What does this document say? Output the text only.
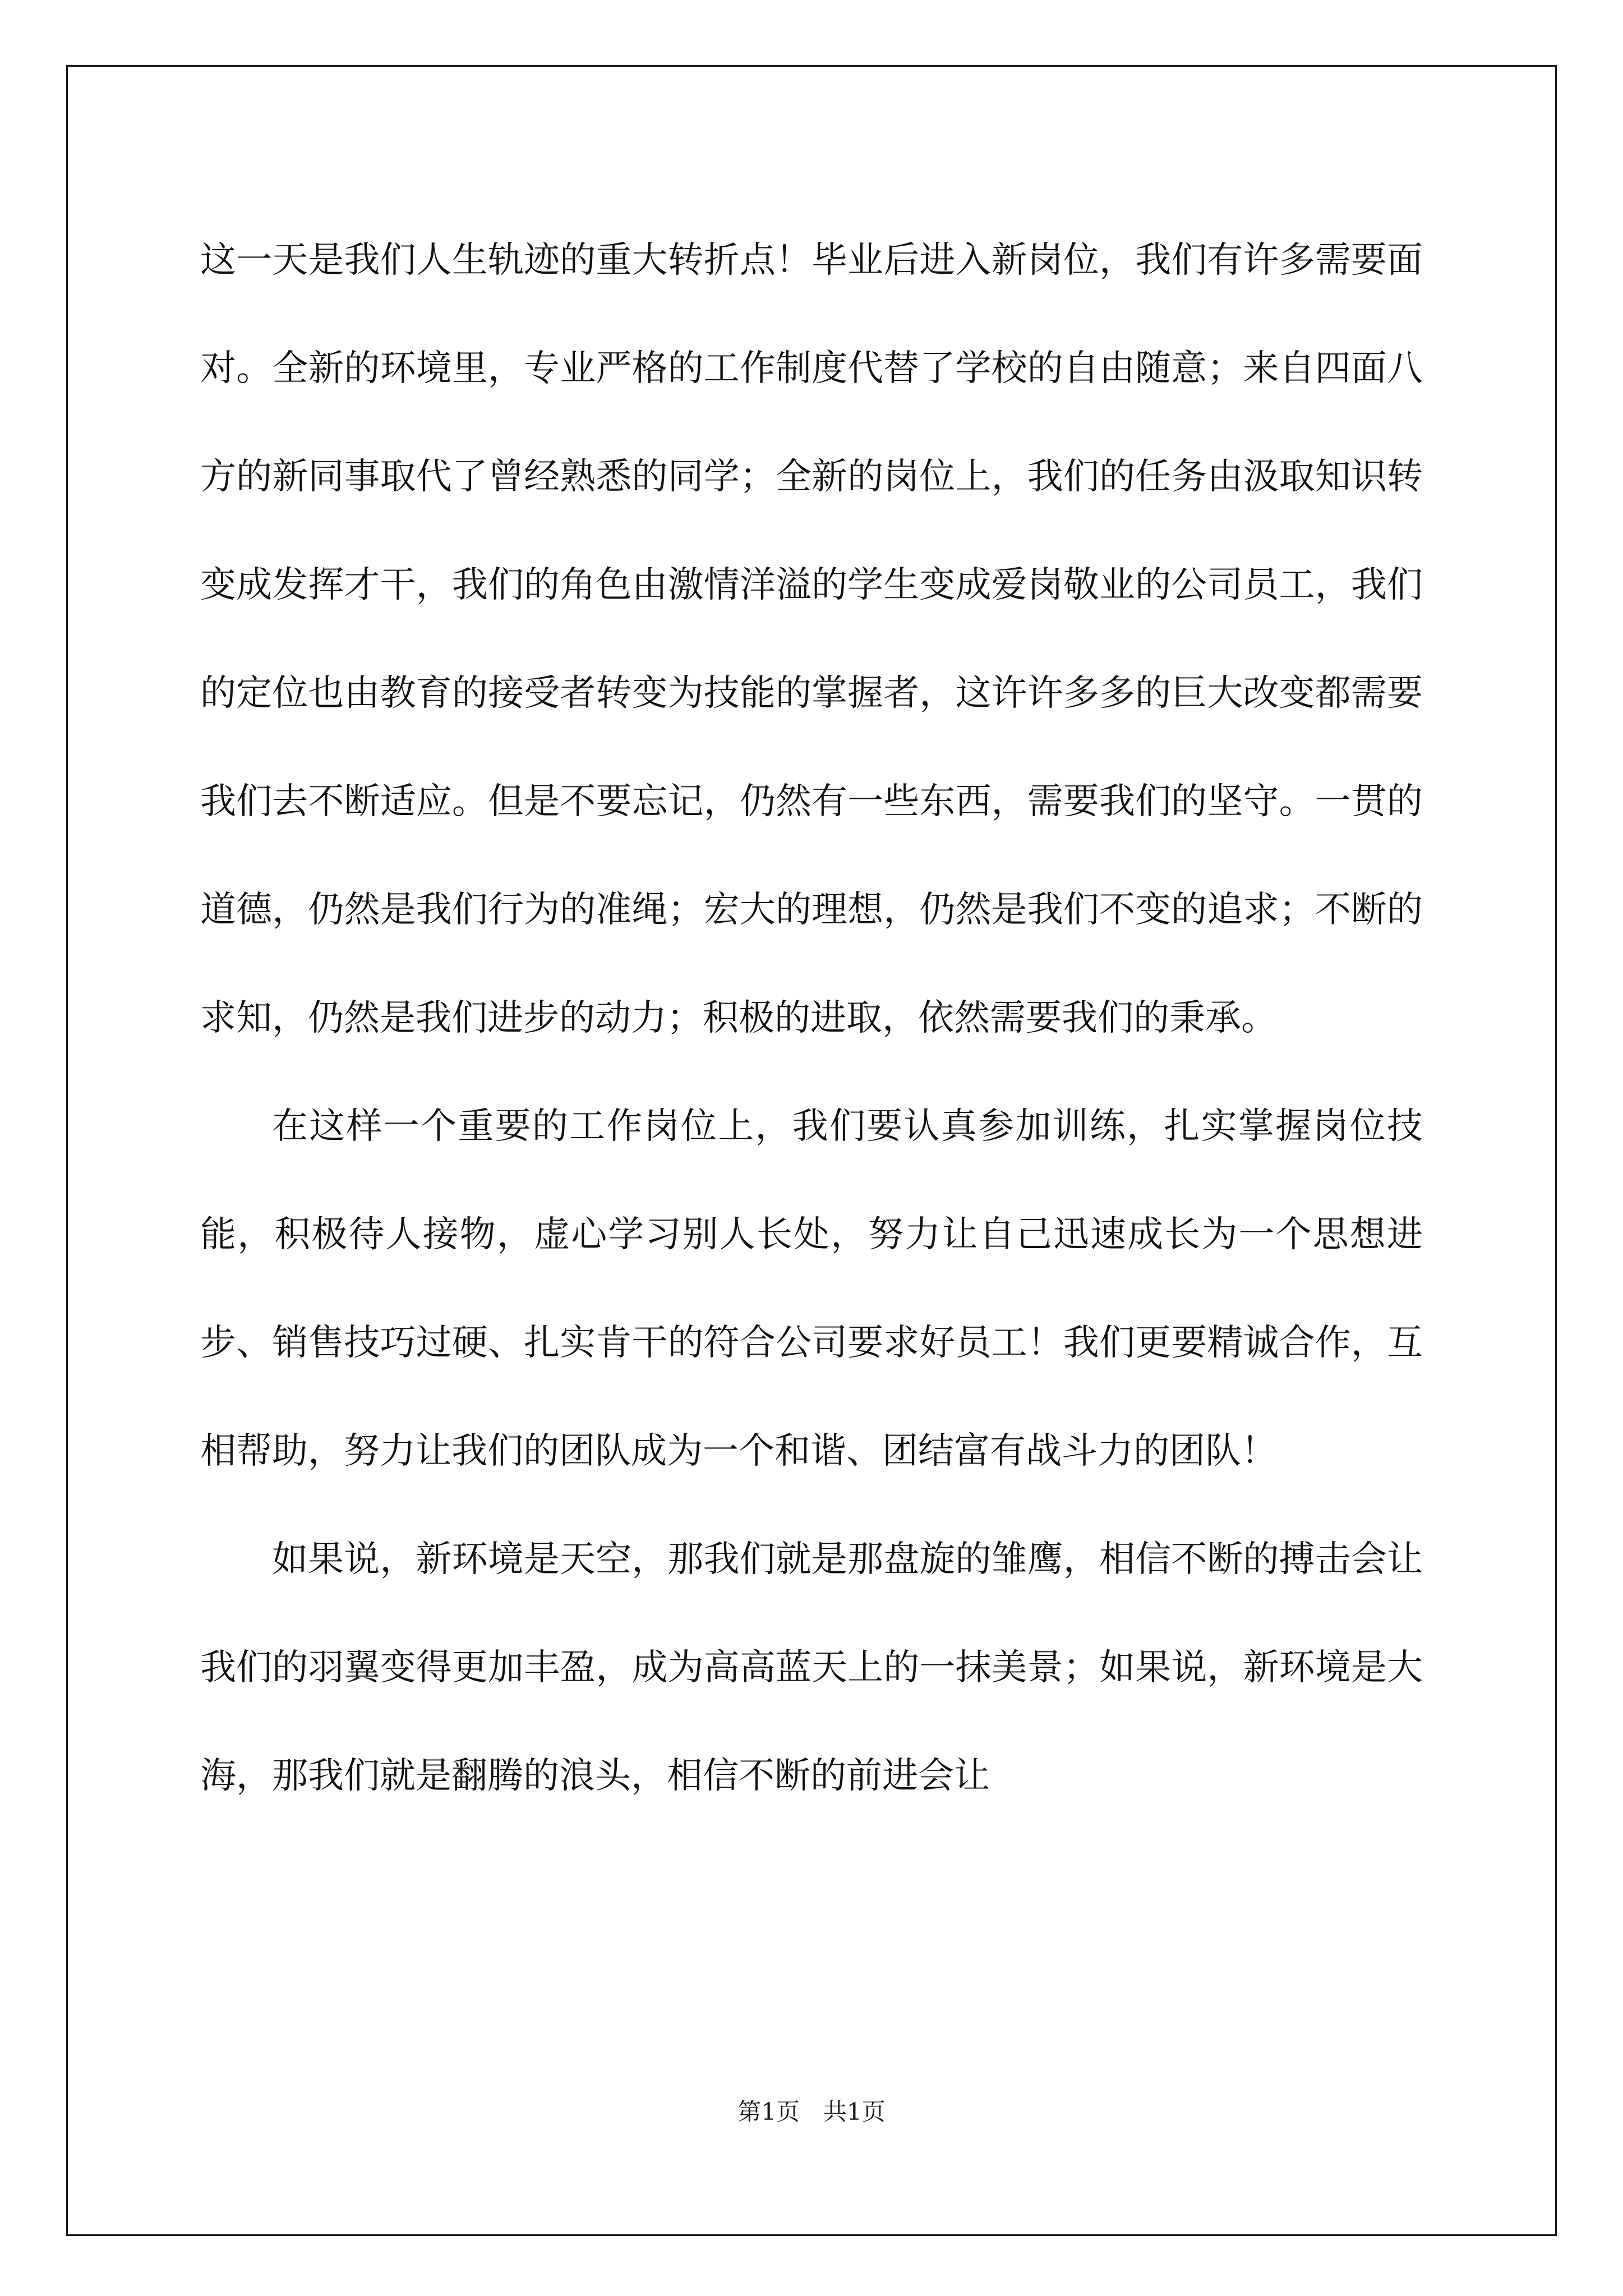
这一天是我们人生轨迹的重大转折点！毕业后进入新岗位，我们有许多需要面对。全新的环境里，专业严格的工作制度代替了学校的自由随意；来自四面八方的新同事取代了曾经熟悉的同学；全新的岗位上，我们的任务由汲取知识转变成发挥才干，我们的角色由激情洋溢的学生变成爱岗敬业的公司员工，我们的定位也由教育的接受者转变为技能的掌握者，这许许多多的巨大改变都需要我们去不断适应。但是不要忘记，仍然有一些东西，需要我们的坚守。一贯的道德，仍然是我们行为的准绳；宏大的理想，仍然是我们不变的追求；不断的求知，仍然是我们进步的动力；积极的进取，依然需要我们的秉承。

在这样一个重要的工作岗位上，我们要认真参加训练，扎实掌握岗位技能，积极待人接物，虚心学习别人长处，努力让自己迅速成长为一个思想进步、销售技巧过硬、扎实肯干的符合公司要求好员工！我们更要精诚合作，互相帮助，努力让我们的团队成为一个和谐、团结富有战斗力的团队！

如果说，新环境是天空，那我们就是那盘旋的雏鹰，相信不断的搏击会让我们的羽翼变得更加丰盈，成为高高蓝天上的一抹美景；如果说，新环境是大海，那我们就是翻腾的浪头，相信不断的前进会让

第1页　共1页
